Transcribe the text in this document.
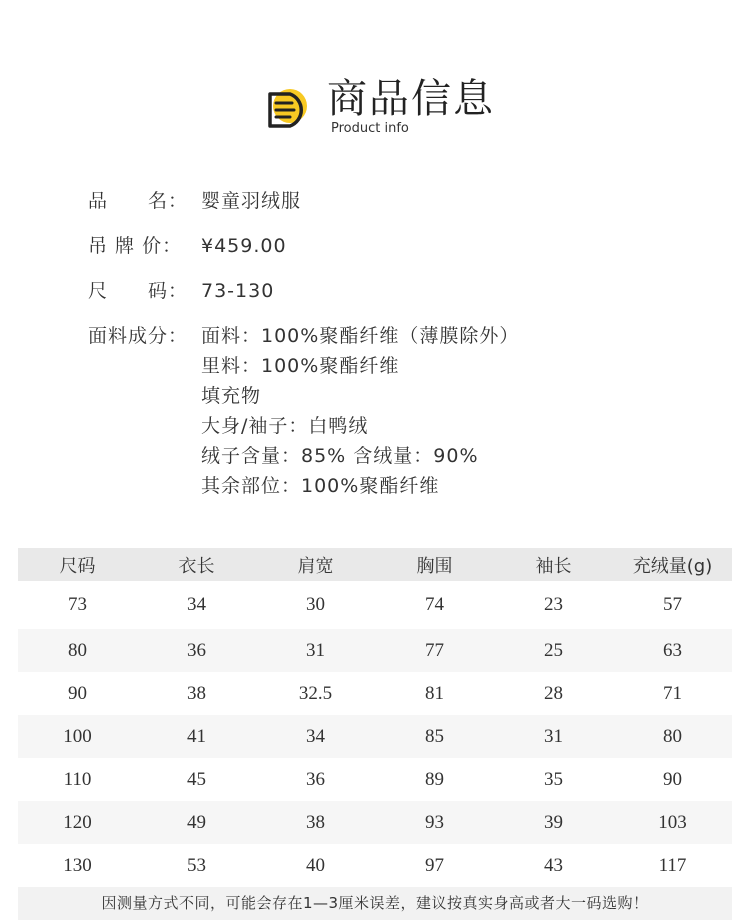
商品信息
Product info
品　　名： 婴童羽绒服
吊 牌 价： ¥459.00
尺　　码： 73-130
面料成分： 面料：100%聚酯纤维（薄膜除外）
里料：100%聚酯纤维
填充物
大身/袖子：白鸭绒
绒子含量：85% 含绒量：90%
其余部位：100%聚酯纤维
尺码	衣长	肩宽	胸围	袖长	充绒量(g)
73	34	30	74	23	57
80	36	31	77	25	63
90	38	32.5	81	28	71
100	41	34	85	31	80
110	45	36	89	35	90
120	49	38	93	39	103
130	53	40	97	43	117
因测量方式不同，可能会存在1—3厘米误差，建议按真实身高或者大一码选购！
